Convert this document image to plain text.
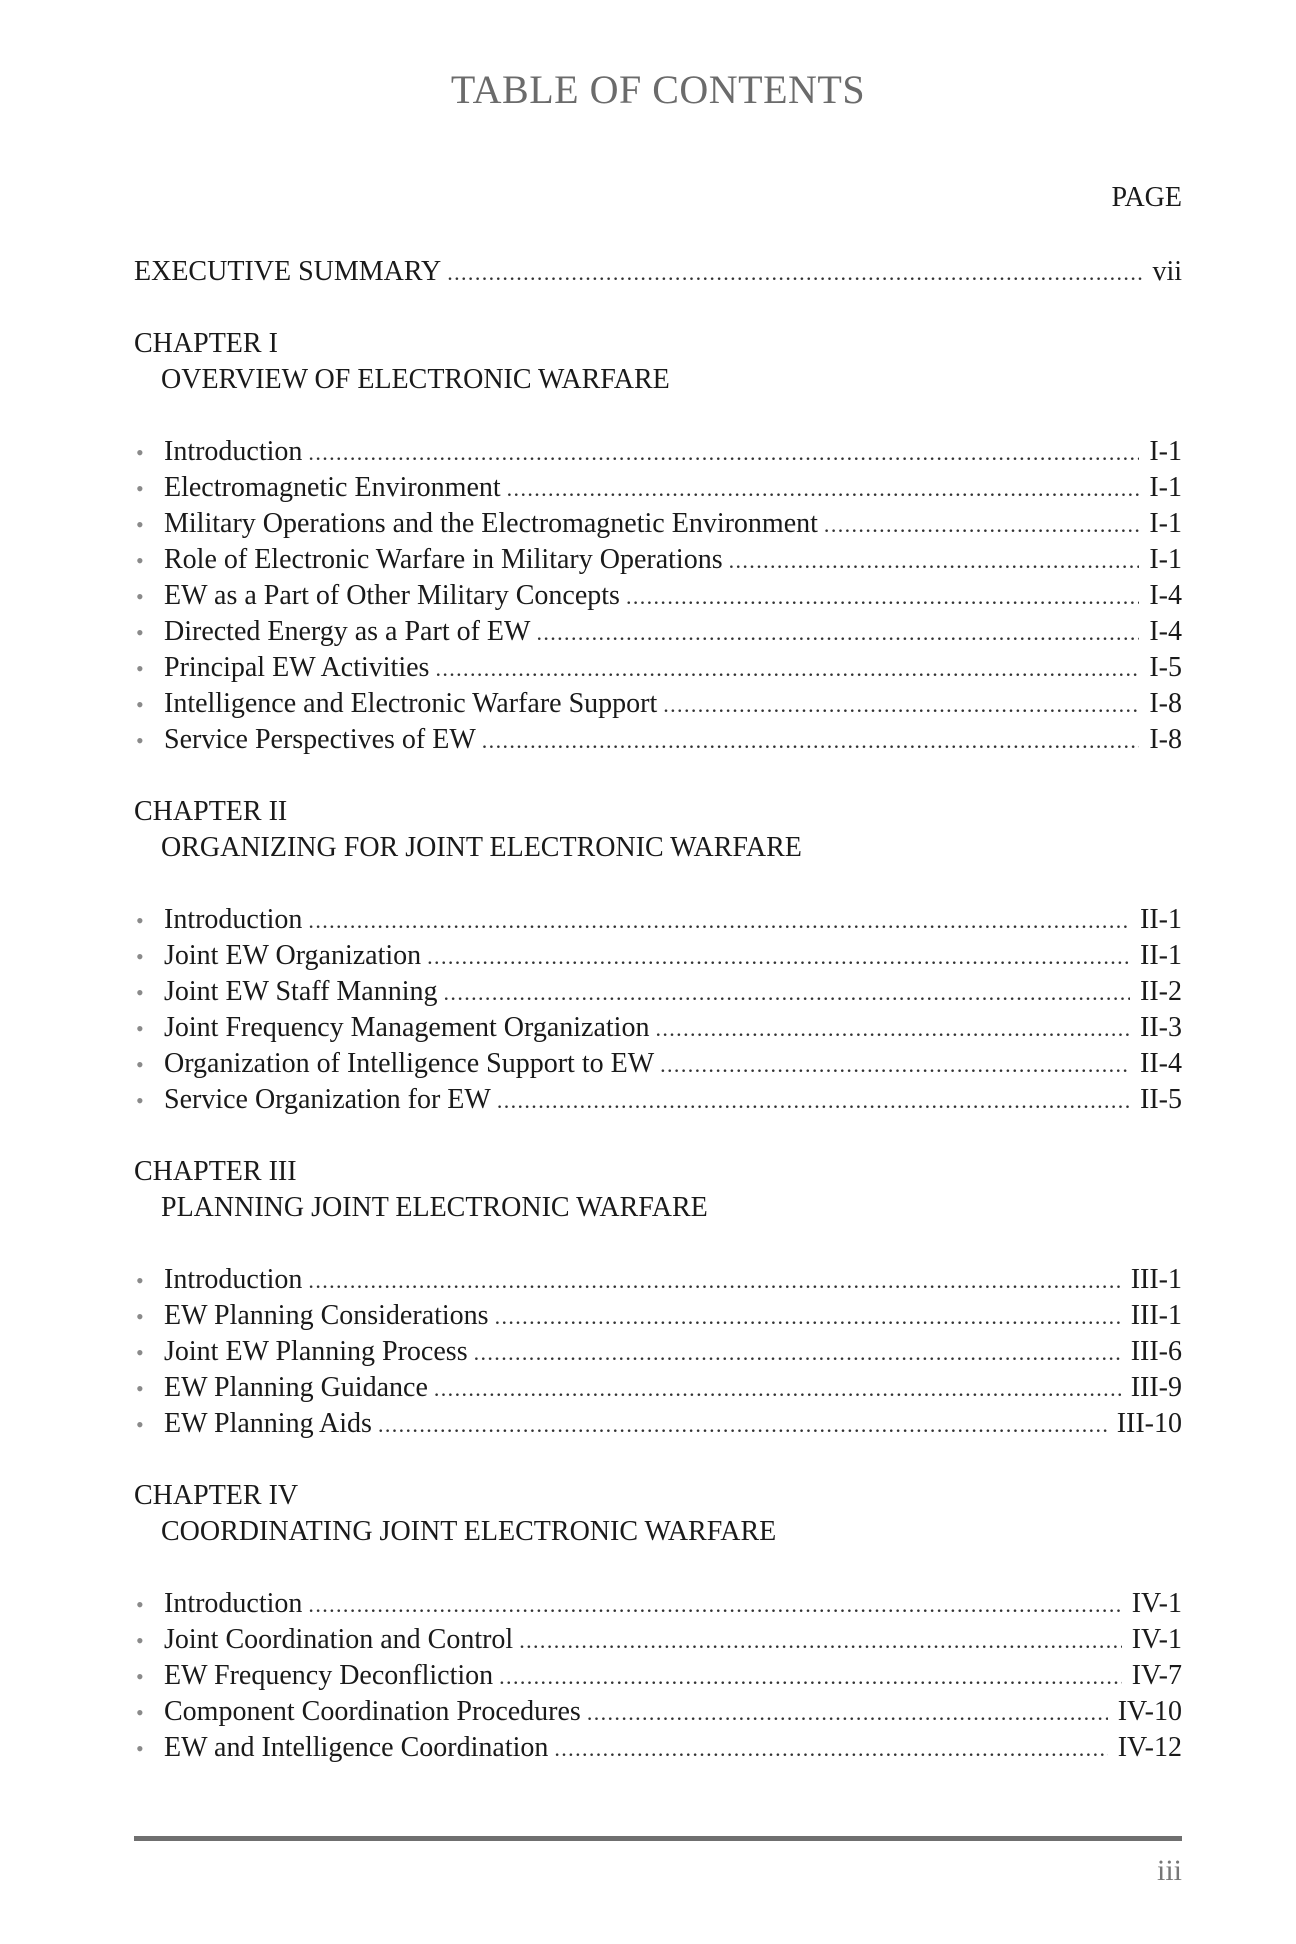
TABLE OF CONTENTS
PAGE
EXECUTIVE SUMMARY .....	vii
CHAPTER I
OVERVIEW OF ELECTRONIC WARFARE
• Introduction .....	I-1
• Electromagnetic Environment .....	I-1
• Military Operations and the Electromagnetic Environment .....	I-1
• Role of Electronic Warfare in Military Operations .....	I-1
• EW as a Part of Other Military Concepts .....	I-4
• Directed Energy as a Part of EW .....	I-4
• Principal EW Activities .....	I-5
• Intelligence and Electronic Warfare Support .....	I-8
• Service Perspectives of EW .....	I-8
CHAPTER II
ORGANIZING FOR JOINT ELECTRONIC WARFARE
• Introduction .....	II-1
• Joint EW Organization .....	II-1
• Joint EW Staff Manning .....	II-2
• Joint Frequency Management Organization .....	II-3
• Organization of Intelligence Support to EW .....	II-4
• Service Organization for EW .....	II-5
CHAPTER III
PLANNING JOINT ELECTRONIC WARFARE
• Introduction .....	III-1
• EW Planning Considerations .....	III-1
• Joint EW Planning Process .....	III-6
• EW Planning Guidance .....	III-9
• EW Planning Aids .....	III-10
CHAPTER IV
COORDINATING JOINT ELECTRONIC WARFARE
• Introduction .....	IV-1
• Joint Coordination and Control .....	IV-1
• EW Frequency Deconfliction .....	IV-7
• Component Coordination Procedures .....	IV-10
• EW and Intelligence Coordination .....	IV-12
iii
